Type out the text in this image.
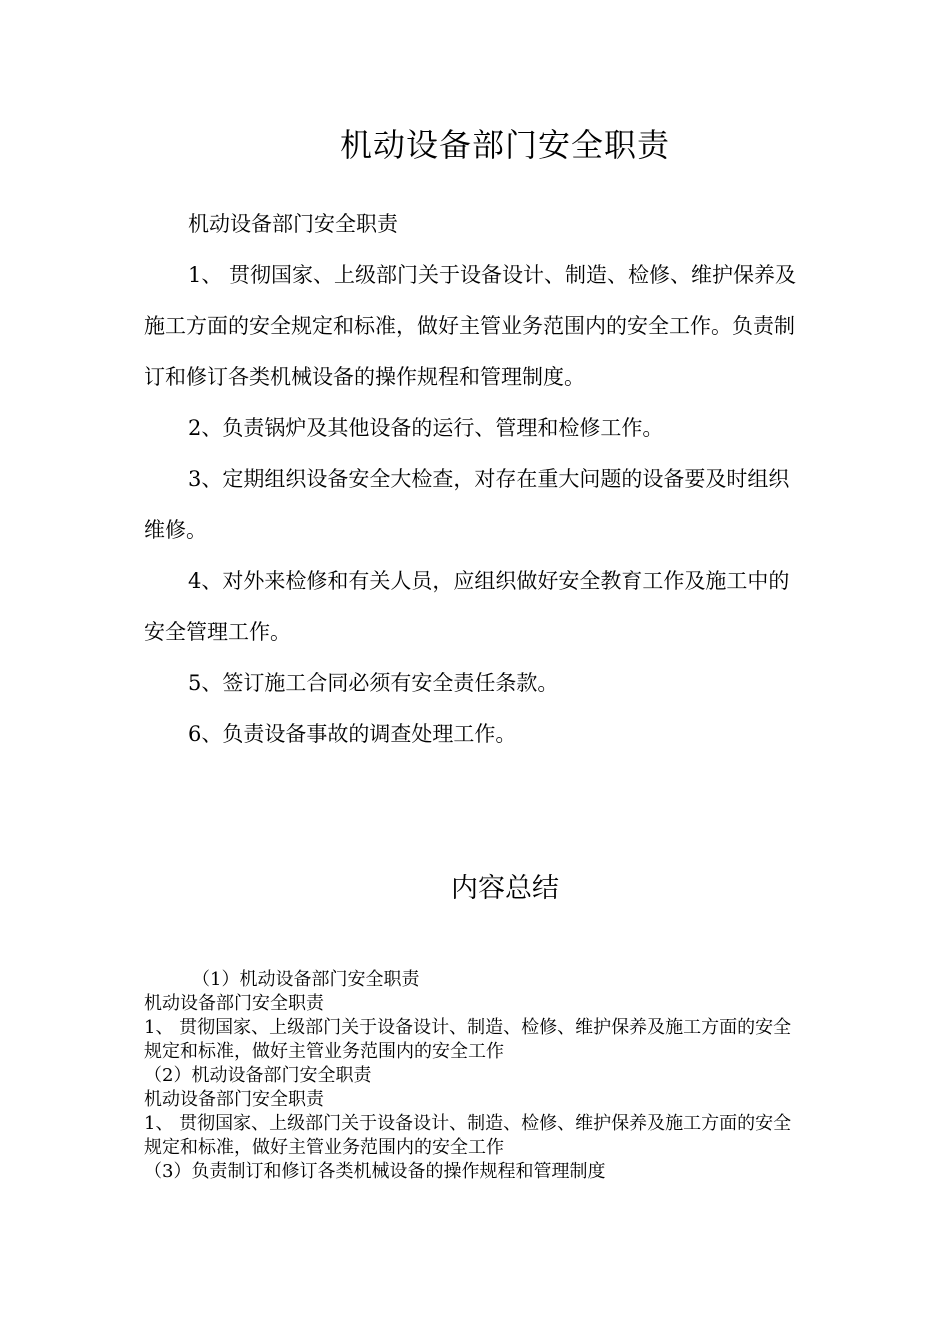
机动设备部门安全职责

机动设备部门安全职责

1、 贯彻国家、上级部门关于设备设计、制造、检修、维护保养及施工方面的安全规定和标准，做好主管业务范围内的安全工作。负责制订和修订各类机械设备的操作规程和管理制度。

2、负责锅炉及其他设备的运行、管理和检修工作。

3、定期组织设备安全大检查，对存在重大问题的设备要及时组织维修。

4、对外来检修和有关人员，应组织做好安全教育工作及施工中的安全管理工作。

5、签订施工合同必须有安全责任条款。

6、负责设备事故的调查处理工作。

内容总结

（1）机动设备部门安全职责

机动设备部门安全职责

1、 贯彻国家、上级部门关于设备设计、制造、检修、维护保养及施工方面的安全规定和标准，做好主管业务范围内的安全工作

（2）机动设备部门安全职责

机动设备部门安全职责

1、 贯彻国家、上级部门关于设备设计、制造、检修、维护保养及施工方面的安全规定和标准，做好主管业务范围内的安全工作

（3）负责制订和修订各类机械设备的操作规程和管理制度
